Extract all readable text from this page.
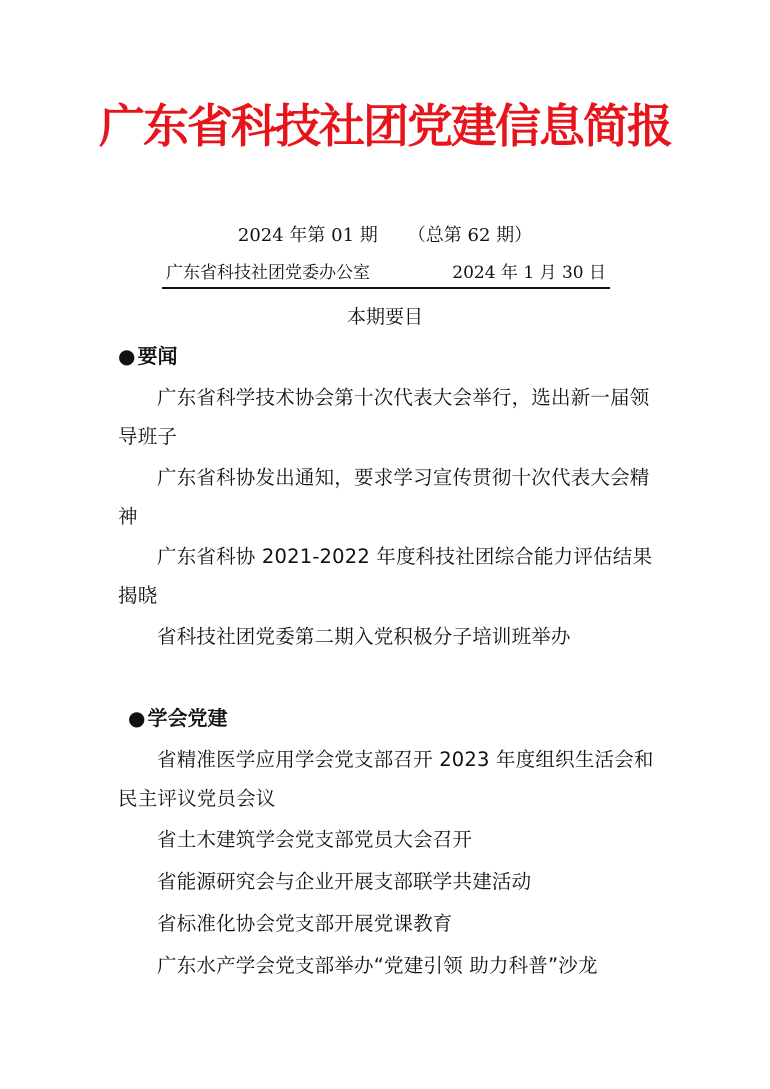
广东省科技社团党建信息简报
2024 年第 01 期 （总第 62 期）
广东省科技社团党委办公室	2024 年 1 月 30 日
本期要目
● 要闻
广东省科学技术协会第十次代表大会举行，选出新一届领导班子
广东省科协发出通知，要求学习宣传贯彻十次代表大会精神
广东省科协 2021-2022 年度科技社团综合能力评估结果揭晓
省科技社团党委第二期入党积极分子培训班举办
● 学会党建
省精准医学应用学会党支部召开 2023 年度组织生活会和民主评议党员会议
省土木建筑学会党支部党员大会召开
省能源研究会与企业开展支部联学共建活动
省标准化协会党支部开展党课教育
广东水产学会党支部举办“党建引领 助力科普”沙龙
